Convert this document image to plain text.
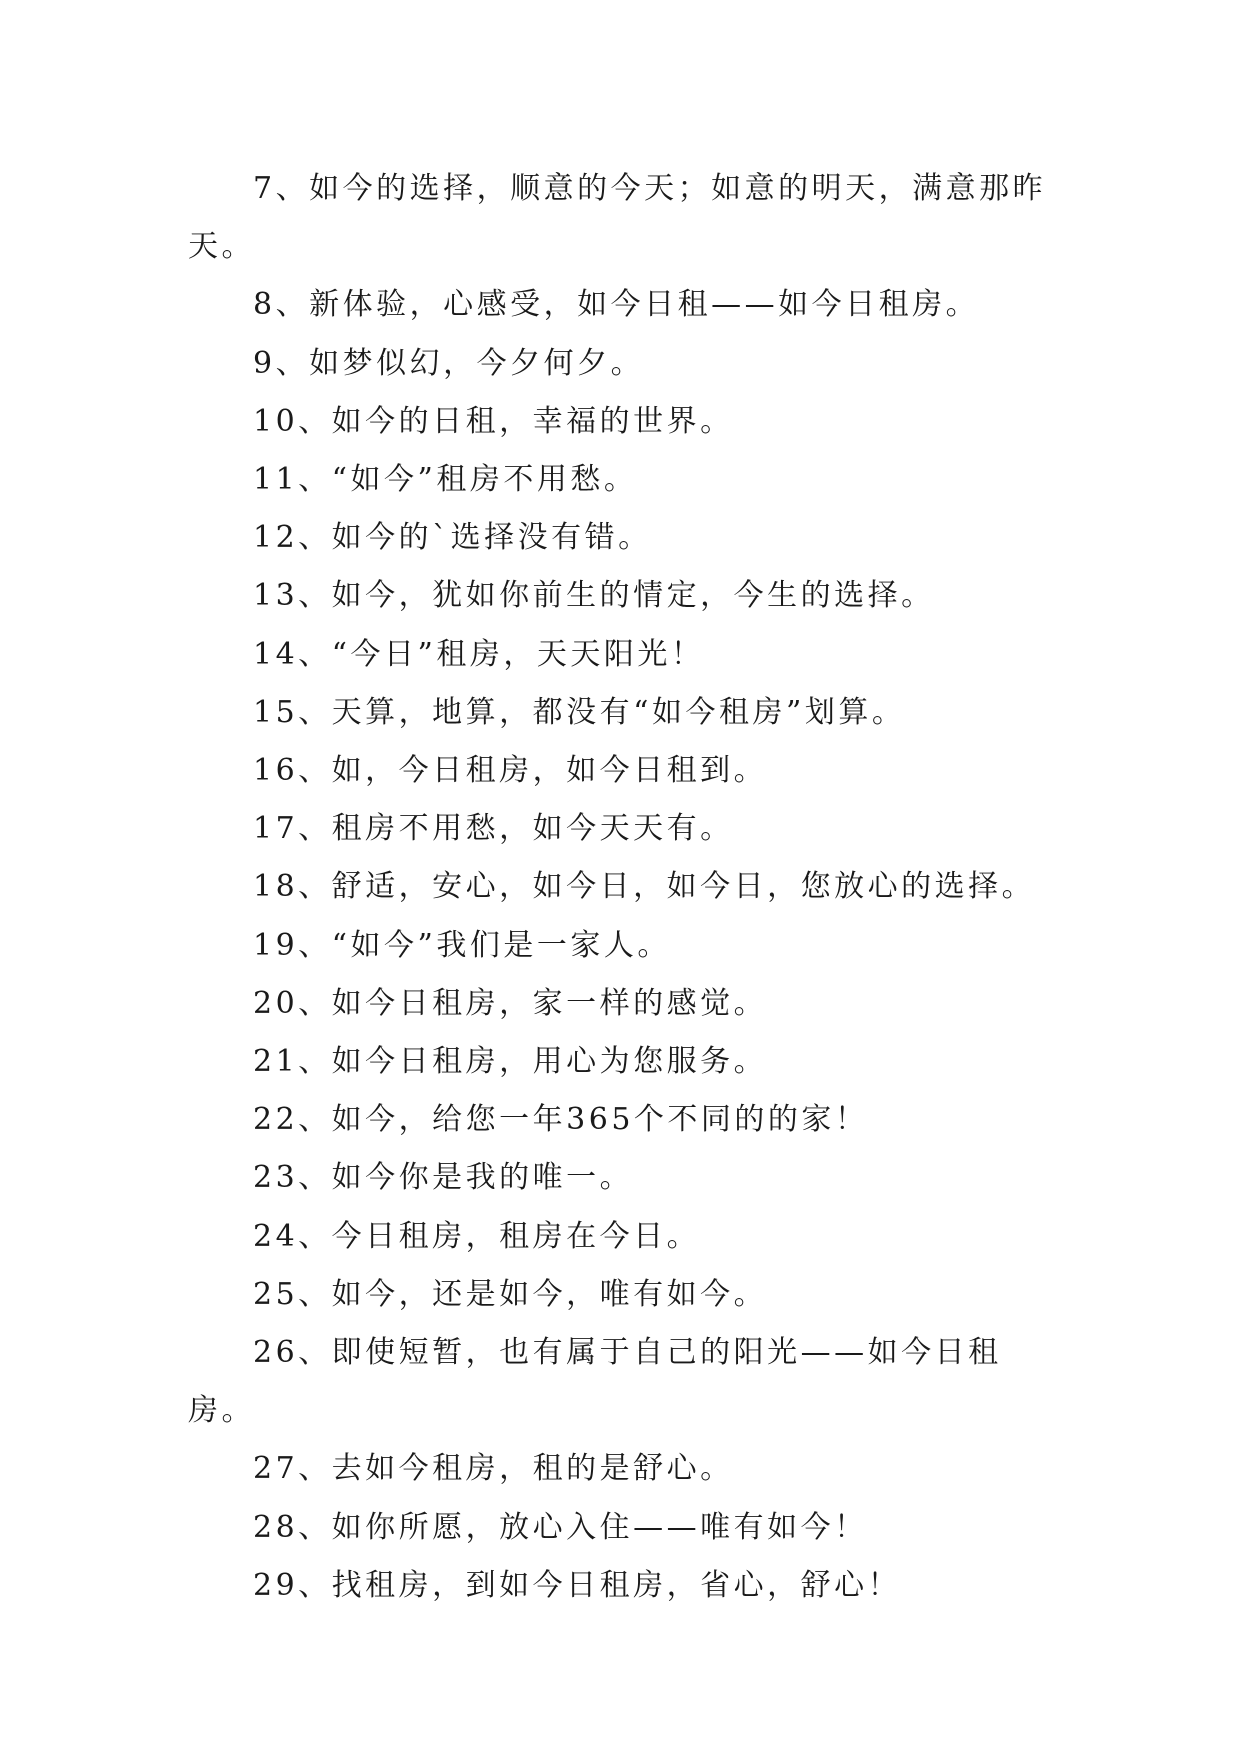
7、如今的选择，顺意的今天；如意的明天，满意那昨天。

8、新体验，心感受，如今日租——如今日租房。

9、如梦似幻，今夕何夕。

10、如今的日租，幸福的世界。

11、“如今”租房不用愁。

12、如今的`选择没有错。

13、如今，犹如你前生的情定，今生的选择。

14、“今日”租房，天天阳光！

15、天算，地算，都没有“如今租房”划算。

16、如，今日租房，如今日租到。

17、租房不用愁，如今天天有。

18、舒适，安心，如今日，如今日，您放心的选择。

19、“如今”我们是一家人。

20、如今日租房，家一样的感觉。

21、如今日租房，用心为您服务。

22、如今，给您一年365个不同的的家！

23、如今你是我的唯一。

24、今日租房，租房在今日。

25、如今，还是如今，唯有如今。

26、即使短暂，也有属于自己的阳光——如今日租房。

27、去如今租房，租的是舒心。

28、如你所愿，放心入住——唯有如今！

29、找租房，到如今日租房，省心，舒心！
